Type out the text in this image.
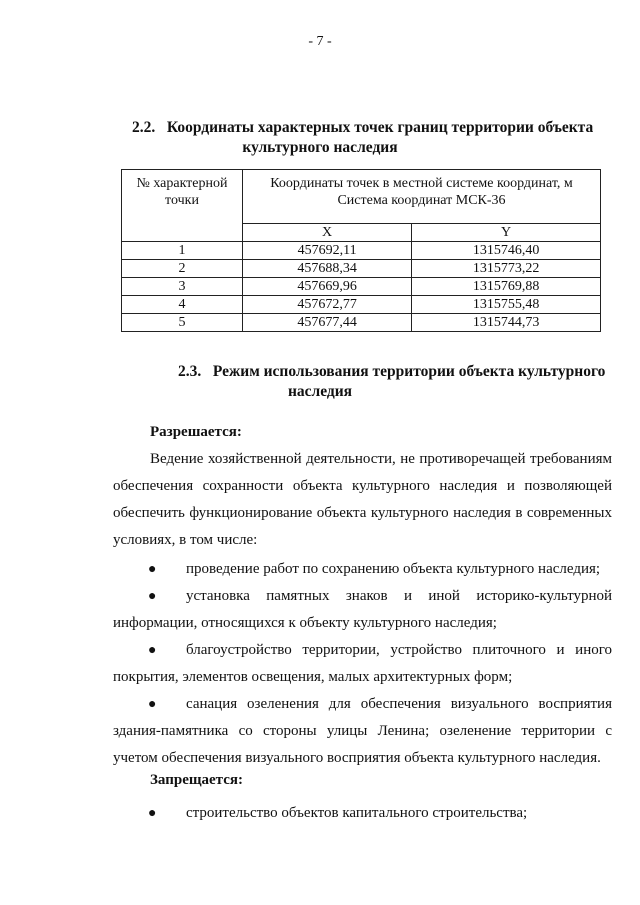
- 7 -
2.2. Координаты характерных точек границ территории объекта
культурного наследия
№ характерной точки	Координаты точек в местной системе координат, м
Система координат МСК-36	

	X	Y
1	457692,11	1315746,40
2	457688,34	1315773,22
3	457669,96	1315769,88
4	457672,77	1315755,48
5	457677,44	1315744,73
2.3. Режим использования территории объекта культурного
наследия
Разрешается:
Ведение хозяйственной деятельности, не противоречащей требованиям
обеспечения сохранности объекта культурного наследия и позволяющей
обеспечить функционирование объекта культурного наследия в современных
условиях, в том числе:
● проведение работ по сохранению объекта культурного наследия;
● установка памятных знаков и иной историко-культурной
информации, относящихся к объекту культурного наследия;
● благоустройство территории, устройство плиточного и иного
покрытия, элементов освещения, малых архитектурных форм;
● санация озеленения для обеспечения визуального восприятия
здания-памятника со стороны улицы Ленина; озеленение территории с
учетом обеспечения визуального восприятия объекта культурного наследия.
Запрещается:
● строительство объектов капитального строительства;
